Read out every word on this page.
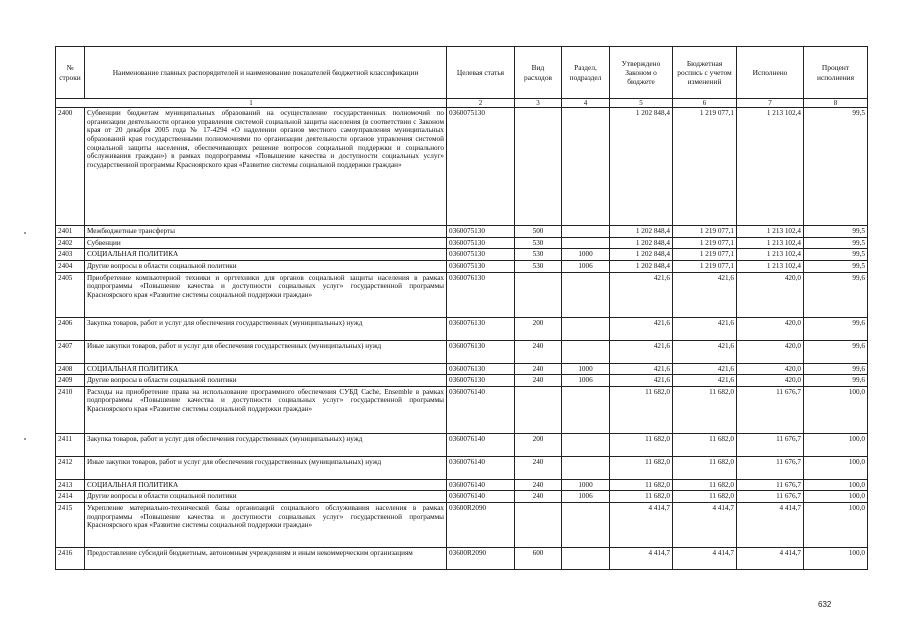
№ строки	Наименование главных распорядителей и наименование показателей бюджетной классификации	Целевая статья	Вид расходов	Раздел, подраздел	Утверждено Законом о бюджете	Бюджетная роспись с учетом изменений	Исполнено	Процент исполнения
1		2	3	4	5	6	7	8
2400	Субвенции бюджетам муниципальных образований на осуществление государственных полномочий по организации деятельности органов управления системой социальной защиты населения (в соответствии с Законом края от 20 декабря 2005 года № 17-4294 «О наделении органов местного самоуправления муниципальных образований края государственными полномочиями по организации деятельности органов управления системой социальной защиты населения, обеспечивающих решение вопросов социальной поддержки и социального обслуживания граждан») в рамках подпрограммы «Повышение качества и доступности социальных услуг» государственной программы Красноярского края «Развитие системы социальной поддержки граждан»	0360075130			1 202 848,4	1 219 077,1	1 213 102,4	99,5
2401	Межбюджетные трансферты	0360075130	500		1 202 848,4	1 219 077,1	1 213 102,4	99,5
2402	Субвенции	0360075130	530		1 202 848,4	1 219 077,1	1 213 102,4	99,5
2403	СОЦИАЛЬНАЯ ПОЛИТИКА	0360075130	530	1000	1 202 848,4	1 219 077,1	1 213 102,4	99,5
2404	Другие вопросы в области социальной политики	0360075130	530	1006	1 202 848,4	1 219 077,1	1 213 102,4	99,5
2405	Приобретение компьютерной техники и оргтехники для органов социальной защиты населения в рамках подпрограммы «Повышение качества и доступности социальных услуг» государственной программы Красноярского края «Развитие системы социальной поддержки граждан»	0360076130			421,6	421,6	420,0	99,6
2406	Закупка товаров, работ и услуг для обеспечения государственных (муниципальных) нужд	0360076130	200		421,6	421,6	420,0	99,6
2407	Иные закупки товаров, работ и услуг для обеспечения государственных (муниципальных) нужд	0360076130	240		421,6	421,6	420,0	99,6
2408	СОЦИАЛЬНАЯ ПОЛИТИКА	0360076130	240	1000	421,6	421,6	420,0	99,6
2409	Другие вопросы в области социальной политики	0360076130	240	1006	421,6	421,6	420,0	99,6
2410	Расходы на приобретение права на использование программного обеспечения СУБД Cache, Ensemble в рамках подпрограммы «Повышение качества и доступности социальных услуг» государственной программы Красноярского края «Развитие системы социальной поддержки граждан»	0360076140			11 682,0	11 682,0	11 676,7	100,0
2411	Закупка товаров, работ и услуг для обеспечения государственных (муниципальных) нужд	0360076140	200		11 682,0	11 682,0	11 676,7	100,0
2412	Иные закупки товаров, работ и услуг для обеспечения государственных (муниципальных) нужд	0360076140	240		11 682,0	11 682,0	11 676,7	100,0
2413	СОЦИАЛЬНАЯ ПОЛИТИКА	0360076140	240	1000	11 682,0	11 682,0	11 676,7	100,0
2414	Другие вопросы в области социальной политики	0360076140	240	1006	11 682,0	11 682,0	11 676,7	100,0
2415	Укрепление материально-технической базы организаций социального обслуживания населения в рамках подпрограммы «Повышение качества и доступности социальных услуг» государственной программы Красноярского края «Развитие системы социальной поддержки граждан»	03600R2090			4 414,7	4 414,7	4 414,7	100,0
2416	Предоставление субсидий бюджетным, автономным учреждениям и иным некоммерческим организациям	03600R2090	600		4 414,7	4 414,7	4 414,7	100,0
632
